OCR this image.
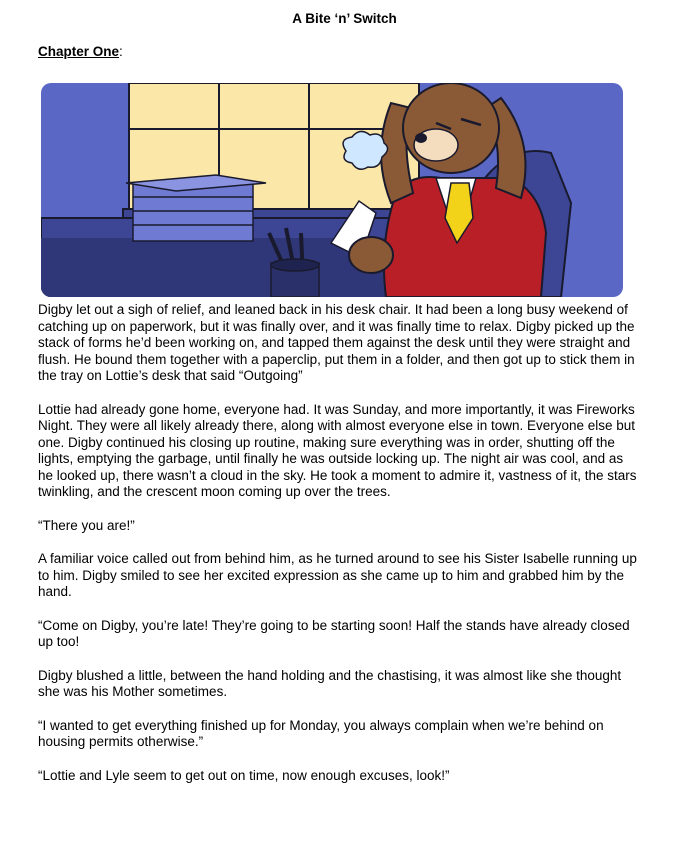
A Bite ‘n’ Switch
Chapter One:

Digby let out a sigh of relief, and leaned back in his desk chair. It had been a long busy weekend of catching up on paperwork, but it was finally over, and it was finally time to relax. Digby picked up the stack of forms he’d been working on, and tapped them against the desk until they were straight and flush. He bound them together with a paperclip, put them in a folder, and then got up to stick them in the tray on Lottie’s desk that said “Outgoing”

Lottie had already gone home, everyone had. It was Sunday, and more importantly, it was Fireworks Night. They were all likely already there, along with almost everyone else in town. Everyone else but one. Digby continued his closing up routine, making sure everything was in order, shutting off the lights, emptying the garbage, until finally he was outside locking up. The night air was cool, and as he looked up, there wasn’t a cloud in the sky. He took a moment to admire it, vastness of it, the stars twinkling, and the crescent moon coming up over the trees.

“There you are!”

A familiar voice called out from behind him, as he turned around to see his Sister Isabelle running up to him. Digby smiled to see her excited expression as she came up to him and grabbed him by the hand.

“Come on Digby, you’re late! They’re going to be starting soon! Half the stands have already closed up too!

Digby blushed a little, between the hand holding and the chastising, it was almost like she thought she was his Mother sometimes.

“I wanted to get everything finished up for Monday, you always complain when we’re behind on housing permits otherwise.”

“Lottie and Lyle seem to get out on time, now enough excuses, look!”
